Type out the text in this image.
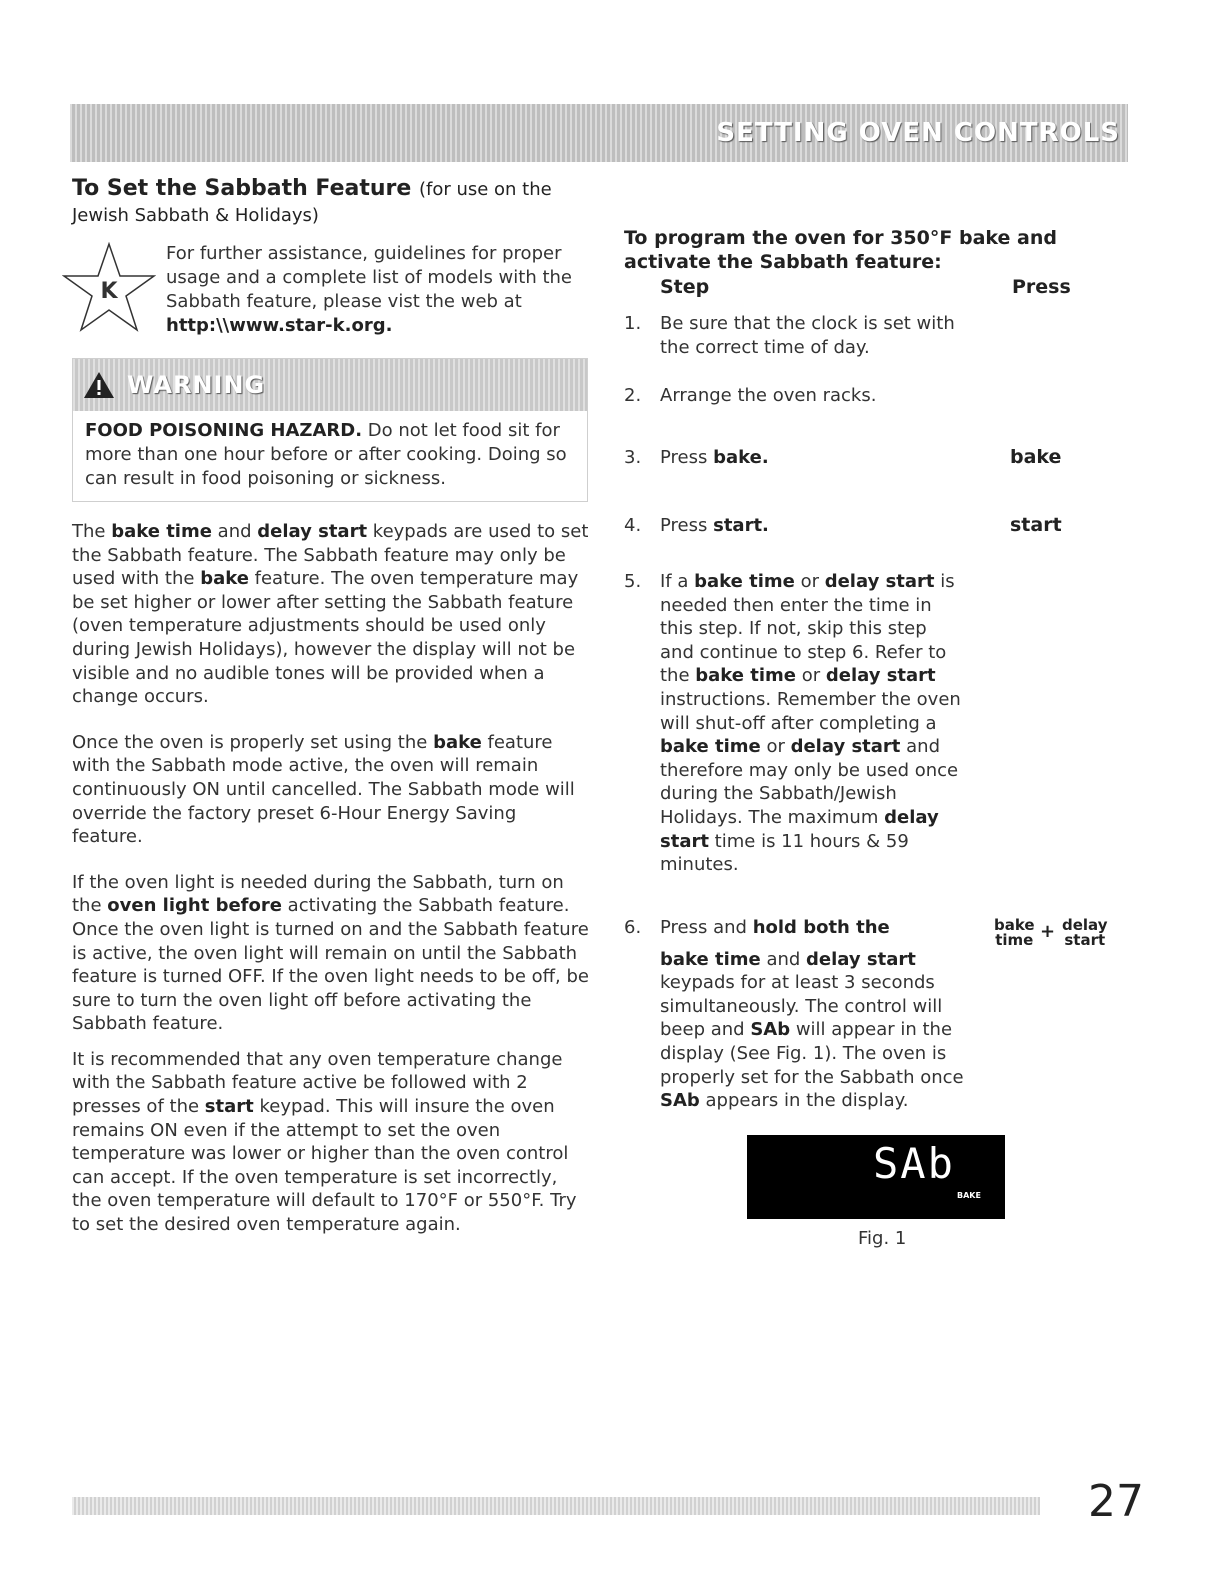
SETTING OVEN CONTROLS
To Set the Sabbath Feature (for use on the
Jewish Sabbath & Holidays)
K
For further assistance, guidelines for proper usage and a complete list of models with the Sabbath feature, please vist the web at
http:\\www.star-k.org.
WARNING
FOOD POISONING HAZARD. Do not let food sit for more than one hour before or after cooking. Doing so can result in food poisoning or sickness.

The bake time and delay start keypads are used to set the Sabbath feature. The Sabbath feature may only be used with the bake feature. The oven temperature may be set higher or lower after setting the Sabbath feature (oven temperature adjustments should be used only during Jewish Holidays), however the display will not be visible and no audible tones will be provided when a change occurs.

Once the oven is properly set using the bake feature with the Sabbath mode active, the oven will remain continuously ON until cancelled. The Sabbath mode will override the factory preset 6-Hour Energy Saving feature.

If the oven light is needed during the Sabbath, turn on the oven light before activating the Sabbath feature. Once the oven light is turned on and the Sabbath feature is active, the oven light will remain on until the Sabbath feature is turned OFF. If the oven light needs to be off, be sure to turn the oven light off before activating the Sabbath feature.

It is recommended that any oven temperature change with the Sabbath feature active be followed with 2 presses of the start keypad. This will insure the oven remains ON even if the attempt to set the oven temperature was lower or higher than the oven control can accept. If the oven temperature is set incorrectly, the oven temperature will default to 170°F or 550°F. Try to set the desired oven temperature again.

To program the oven for 350°F bake and activate the Sabbath feature:
Step	Press
1. Be sure that the clock is set with the correct time of day.
2. Arrange the oven racks.
3. Press bake.	bake
4. Press start.	start
5. If a bake time or delay start is needed then enter the time in this step. If not, skip this step and continue to step 6. Refer to the bake time or delay start instructions. Remember the oven will shut-off after completing a bake time or delay start and therefore may only be used once during the Sabbath/Jewish Holidays. The maximum delay start time is 11 hours & 59 minutes.
6. Press and hold both the
bake time and delay start keypads for at least 3 seconds simultaneously. The control will beep and SAb will appear in the display (See Fig. 1). The oven is properly set for the Sabbath once SAb appears in the display.
bake
time + delay
start
SAb
BAKE
Fig. 1
27
